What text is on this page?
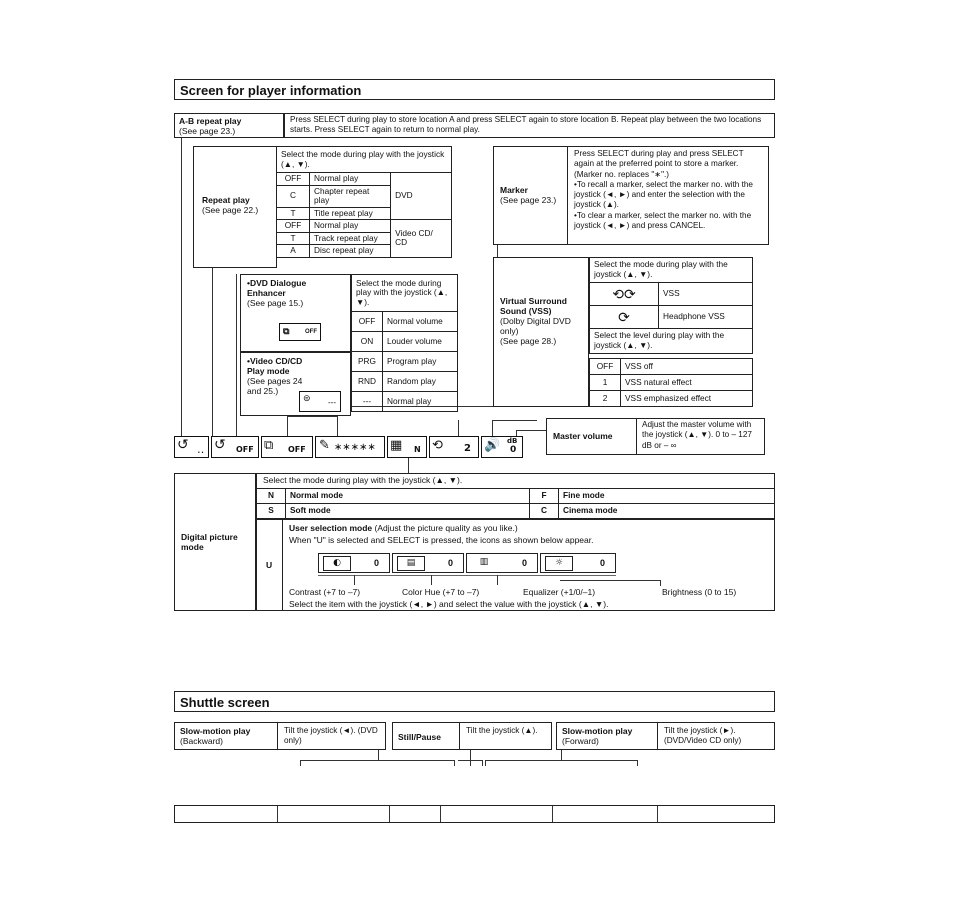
Screen for player information
A-B repeat play
(See page 23.)
Press SELECT during play to store location A and press SELECT again to store location B. Repeat play between the two locations starts. Press SELECT again to return to normal play.
Repeat play
(See page 22.)
Select the mode during play with the joystick (▲, ▼).		
OFF	Normal play	DVD
C	Chapter repeat play	
T	Title repeat play	
OFF	Normal play	Video CD/ CD
T	Track repeat play	
A	Disc repeat play	
•DVD Dialogue Enhancer
(See page 15.)
⧉	OFF
•Video CD/CD Play mode
(See pages 24 and 25.)
⊜ ---
Select the mode during play with the joystick (▲, ▼).	
OFF	Normal volume
ON	Louder volume
PRG	Program play
RND	Random play
---	Normal play
Marker
(See page 23.)
Press SELECT during play and press SELECT again at the preferred point to store a marker. (Marker no. replaces "∗".)
•To recall a marker, select the marker no. with the joystick (◄, ►) and enter the selection with the joystick (▲).
•To clear a marker, select the marker no. with the joystick (◄, ►) and press CANCEL.
Virtual Surround Sound (VSS)
(Dolby Digital DVD only)
(See page 28.)
Select the mode during play with the joystick (▲, ▼).	
⟲⟳	VSS
⟳	Headphone VSS
Select the level during play with the joystick (▲, ▼).	
OFF	VSS off
1	VSS natural effect
2	VSS emphasized effect
Master volume
Adjust the master volume with the joystick (▲, ▼). 0 to – 127 dB or – ∞
↺ ‥ ↺ OFF ⧉ OFF ✎ ∗∗∗∗∗ ▦ N ⟲ 2 🔊 dB
0
Digital picture mode
Select the mode during play with the joystick (▲, ▼).
N	Normal mode	F	Fine mode
S	Soft mode	C	Cinema mode
U
User selection mode (Adjust the picture quality as you like.)
When "U" is selected and SELECT is pressed, the icons as shown below appear.
Select the item with the joystick (◄, ►) and select the value with the joystick (▲, ▼).
◐	0	▤	0	▥	0	☼	0
Contrast (+7 to –7)	Color Hue (+7 to –7)	Equalizer (+1/0/–1)	Brightness (0 to 15)
Shuttle screen
Slow-motion play
(Backward)
Tilt the joystick (◄). (DVD only)	Still/Pause
Tilt the joystick (▲).	Slow-motion play
(Forward)
Tilt the joystick (►). (DVD/Video CD only)
